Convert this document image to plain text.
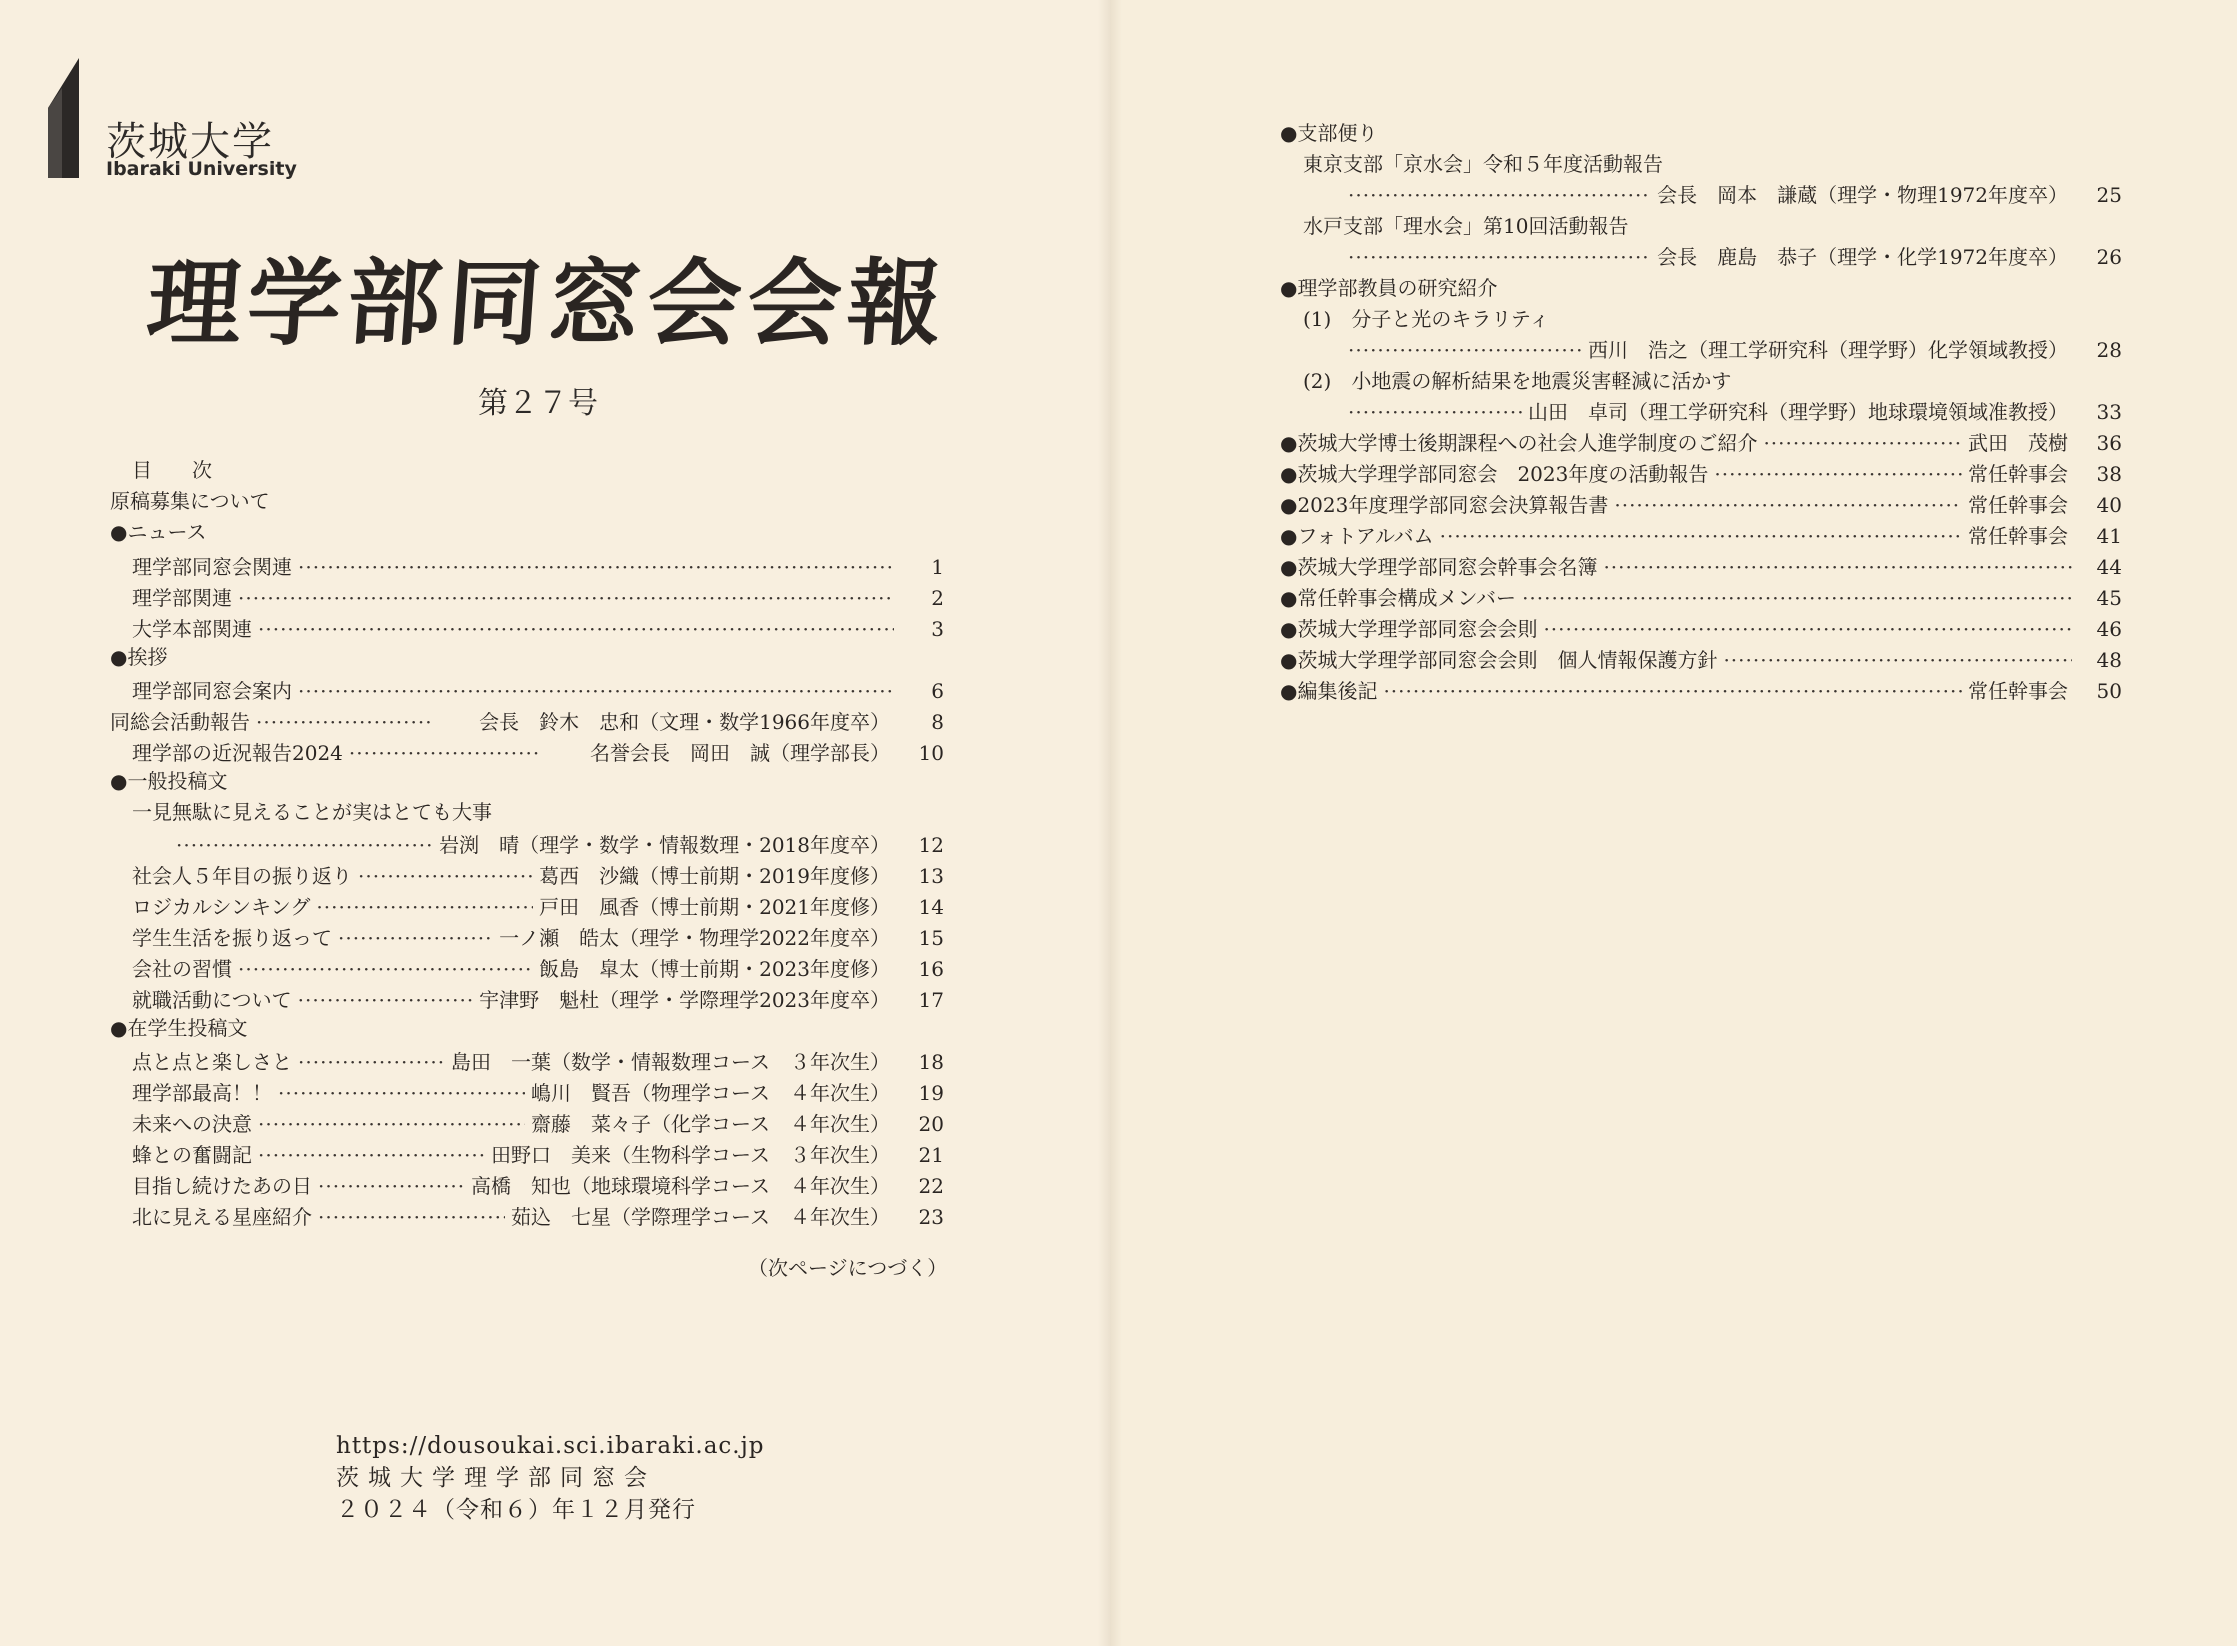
茨城大学
Ibaraki University
理学部同窓会会報
第２７号
目　　次
原稿募集について
●ニュース
理学部同窓会関連 ·····	1
理学部関連 ·····	2
大学本部関連 ·····	3
●挨拶
理学部同窓会案内 ·····	6
同総会活動報告 ·····	会長　鈴木　忠和（文理・数学1966年度卒）	8
理学部の近況報告2024 ·····	名誉会長　岡田　誠（理学部長）	10
●一般投稿文
一見無駄に見えることが実はとても大事
·····
岩渕　晴（理学・数学・情報数理・2018年度卒）	12
社会人５年目の振り返り ·····	葛西　沙織（博士前期・2019年度修）	13
ロジカルシンキング ·····	戸田　風香（博士前期・2021年度修）	14
学生生活を振り返って ·····	一ノ瀬　皓太（理学・物理学2022年度卒）	15
会社の習慣 ·····	飯島　皐太（博士前期・2023年度修）	16
就職活動について ·····	宇津野　魁杜（理学・学際理学2023年度卒）	17
●在学生投稿文
点と点と楽しさと ·····	島田　一葉（数学・情報数理コース　３年次生）	18
理学部最高！！ ·····	嶋川　賢吾（物理学コース　４年次生）	19
未来への決意 ·····	齋藤　菜々子（化学コース　４年次生）	20
蜂との奮闘記 ·····	田野口　美来（生物科学コース　３年次生）	21
目指し続けたあの日 ·····	高橋　知也（地球環境科学コース　４年次生）	22
北に見える星座紹介 ·····	茹込　七星（学際理学コース　４年次生）	23
（次ページにつづく）
https://dousoukai.sci.ibaraki.ac.jp
茨城大学理学部同窓会
２０２４（令和６）年１２月発行
●支部便り
東京支部「京水会」令和５年度活動報告
·····
会長　岡本　謙蔵（理学・物理1972年度卒）	25
水戸支部「理水会」第10回活動報告
·····
会長　鹿島　恭子（理学・化学1972年度卒）	26
●理学部教員の研究紹介
(1)　分子と光のキラリティ
·····
西川　浩之（理工学研究科（理学野）化学領域教授）	28
(2)　小地震の解析結果を地震災害軽減に活かす
·····
山田　卓司（理工学研究科（理学野）地球環境領域准教授）	33
●茨城大学博士後期課程への社会人進学制度のご紹介 ·····	武田　茂樹	36
●茨城大学理学部同窓会　2023年度の活動報告 ·····	常任幹事会	38
●2023年度理学部同窓会決算報告書 ·····	常任幹事会	40
●フォトアルバム ·····	常任幹事会	41
●茨城大学理学部同窓会幹事会名簿 ·····	44
●常任幹事会構成メンバー ·····	45
●茨城大学理学部同窓会会則 ·····	46
●茨城大学理学部同窓会会則　個人情報保護方針 ·····	48
●編集後記 ·····	常任幹事会	50
